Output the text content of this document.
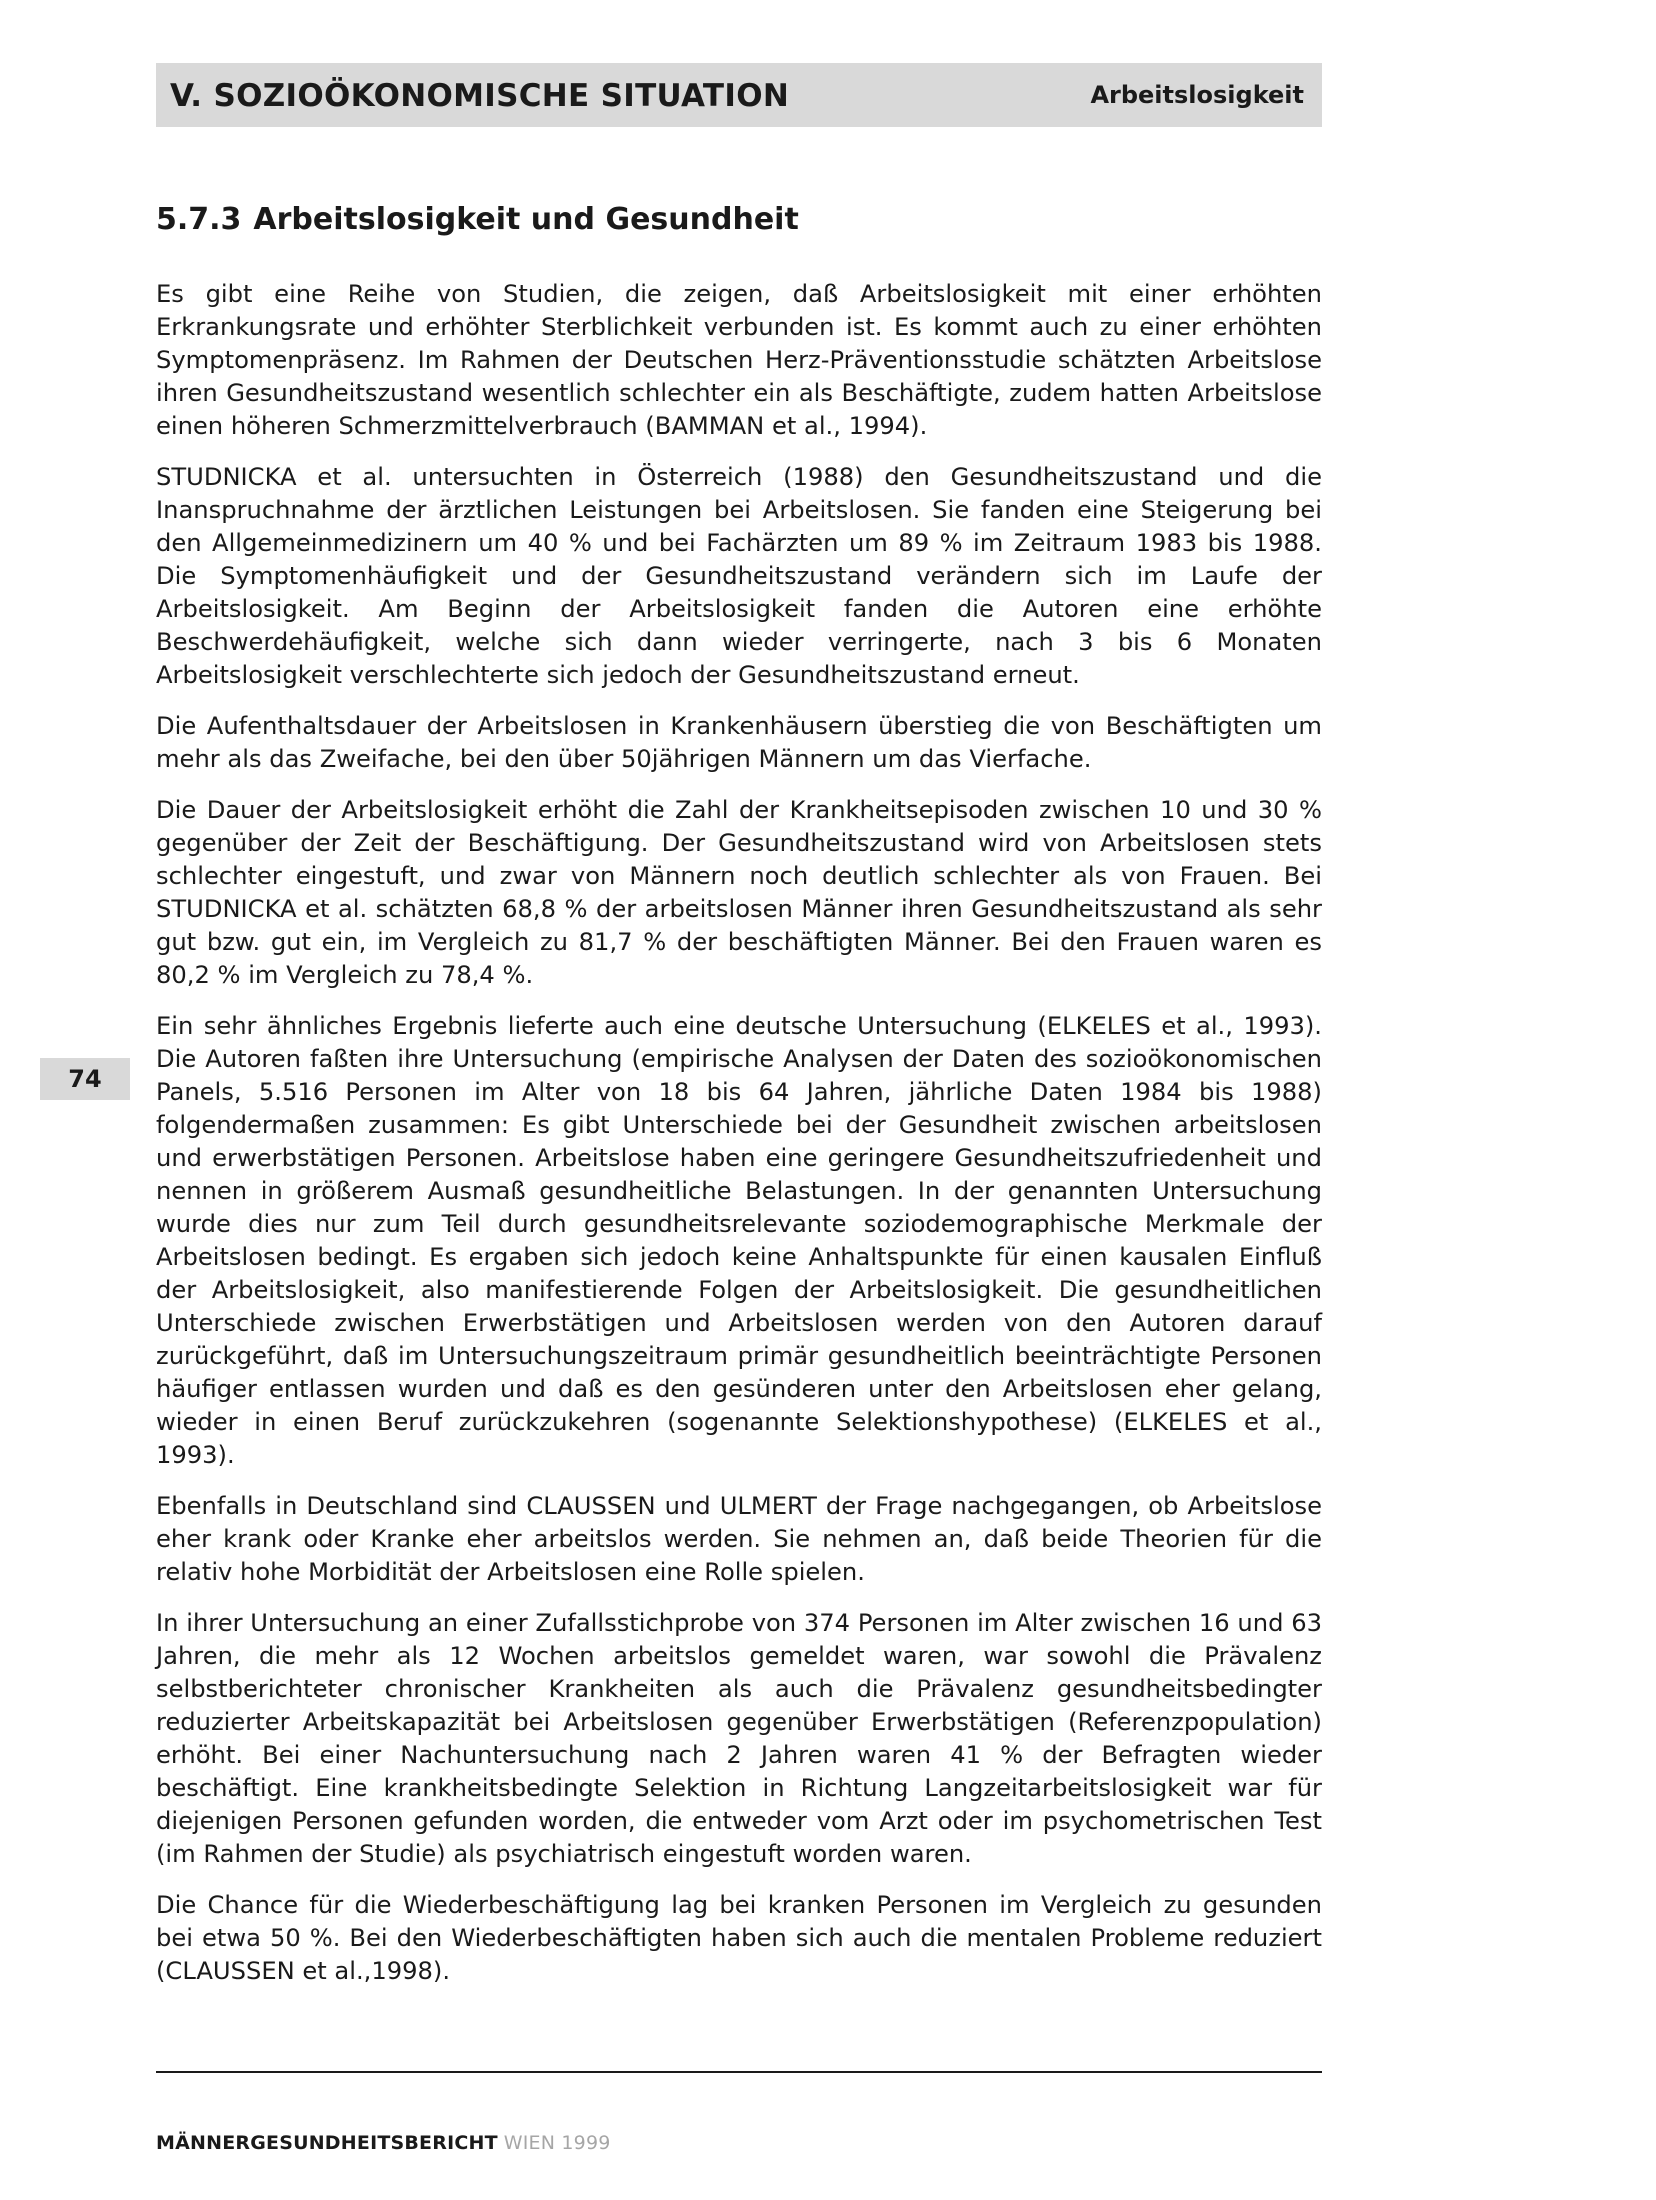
V. SOZIOÖKONOMISCHE SITUATION	Arbeitslosigkeit
5.7.3 Arbeitslosigkeit und Gesundheit

Es gibt eine Reihe von Studien, die zeigen, daß Arbeitslosigkeit mit einer erhöhten Erkrankungsrate und erhöhter Sterblichkeit verbunden ist. Es kommt auch zu einer erhöhten Symptomenpräsenz. Im Rahmen der Deutschen Herz-Präventionsstudie schätzten Arbeitslose ihren Gesundheitszustand wesentlich schlechter ein als Beschäftigte, zudem hatten Arbeitslose einen höheren Schmerzmittelverbrauch (BAMMAN et al., 1994).

STUDNICKA et al. untersuchten in Österreich (1988) den Gesundheitszustand und die Inanspruchnahme der ärztlichen Leistungen bei Arbeitslosen. Sie fanden eine Steigerung bei den Allgemeinmedizinern um 40 % und bei Fachärzten um 89 % im Zeitraum 1983 bis 1988. Die Symptomenhäufigkeit und der Gesundheitszustand verändern sich im Laufe der Arbeitslosigkeit. Am Beginn der Arbeitslosigkeit fanden die Autoren eine erhöhte Beschwerdehäufigkeit, welche sich dann wieder verringerte, nach 3 bis 6 Monaten Arbeitslosigkeit verschlechterte sich jedoch der Gesundheitszustand erneut.

Die Aufenthaltsdauer der Arbeitslosen in Krankenhäusern überstieg die von Beschäftigten um mehr als das Zweifache, bei den über 50jährigen Männern um das Vierfache.

Die Dauer der Arbeitslosigkeit erhöht die Zahl der Krankheitsepisoden zwischen 10 und 30 % gegenüber der Zeit der Beschäftigung. Der Gesundheitszustand wird von Arbeitslosen stets schlechter eingestuft, und zwar von Männern noch deutlich schlechter als von Frauen. Bei STUDNICKA et al. schätzten 68,8 % der arbeitslosen Männer ihren Gesundheitszustand als sehr gut bzw. gut ein, im Vergleich zu 81,7 % der beschäftigten Männer. Bei den Frauen waren es 80,2 % im Vergleich zu 78,4 %.

Ein sehr ähnliches Ergebnis lieferte auch eine deutsche Untersuchung (ELKELES et al., 1993). Die Autoren faßten ihre Untersuchung (empirische Analysen der Daten des sozioökonomischen Panels, 5.516 Personen im Alter von 18 bis 64 Jahren, jährliche Daten 1984 bis 1988) folgendermaßen zusammen: Es gibt Unterschiede bei der Gesundheit zwischen arbeitslosen und erwerbstätigen Personen. Arbeitslose haben eine geringere Gesundheitszufriedenheit und nennen in größerem Ausmaß gesundheitliche Belastungen. In der genannten Untersuchung wurde dies nur zum Teil durch gesundheitsrelevante soziodemographische Merkmale der Arbeitslosen bedingt. Es ergaben sich jedoch keine Anhaltspunkte für einen kausalen Einfluß der Arbeitslosigkeit, also manifestierende Folgen der Arbeitslosigkeit. Die gesundheitlichen Unterschiede zwischen Erwerbstätigen und Arbeitslosen werden von den Autoren darauf zurückgeführt, daß im Untersuchungszeitraum primär gesundheitlich beeinträchtigte Personen häufiger entlassen wurden und daß es den gesünderen unter den Arbeitslosen eher gelang, wieder in einen Beruf zurückzukehren (sogenannte Selektionshypothese) (ELKELES et al., 1993).

Ebenfalls in Deutschland sind CLAUSSEN und ULMERT der Frage nachgegangen, ob Arbeitslose eher krank oder Kranke eher arbeitslos werden. Sie nehmen an, daß beide Theorien für die relativ hohe Morbidität der Arbeitslosen eine Rolle spielen.

In ihrer Untersuchung an einer Zufallsstichprobe von 374 Personen im Alter zwischen 16 und 63 Jahren, die mehr als 12 Wochen arbeitslos gemeldet waren, war sowohl die Prävalenz selbstberichteter chronischer Krankheiten als auch die Prävalenz gesundheitsbedingter reduzierter Arbeitskapazität bei Arbeitslosen gegenüber Erwerbstätigen (Referenzpopulation) erhöht. Bei einer Nachuntersuchung nach 2 Jahren waren 41 % der Befragten wieder beschäftigt. Eine krankheitsbedingte Selektion in Richtung Langzeitarbeitslosigkeit war für diejenigen Personen gefunden worden, die entweder vom Arzt oder im psychometrischen Test (im Rahmen der Studie) als psychiatrisch eingestuft worden waren.

Die Chance für die Wiederbeschäftigung lag bei kranken Personen im Vergleich zu gesunden bei etwa 50 %. Bei den Wiederbeschäftigten haben sich auch die mentalen Probleme reduziert (CLAUSSEN et al.,1998).

74
MÄNNERGESUNDHEITSBERICHT WIEN 1999
